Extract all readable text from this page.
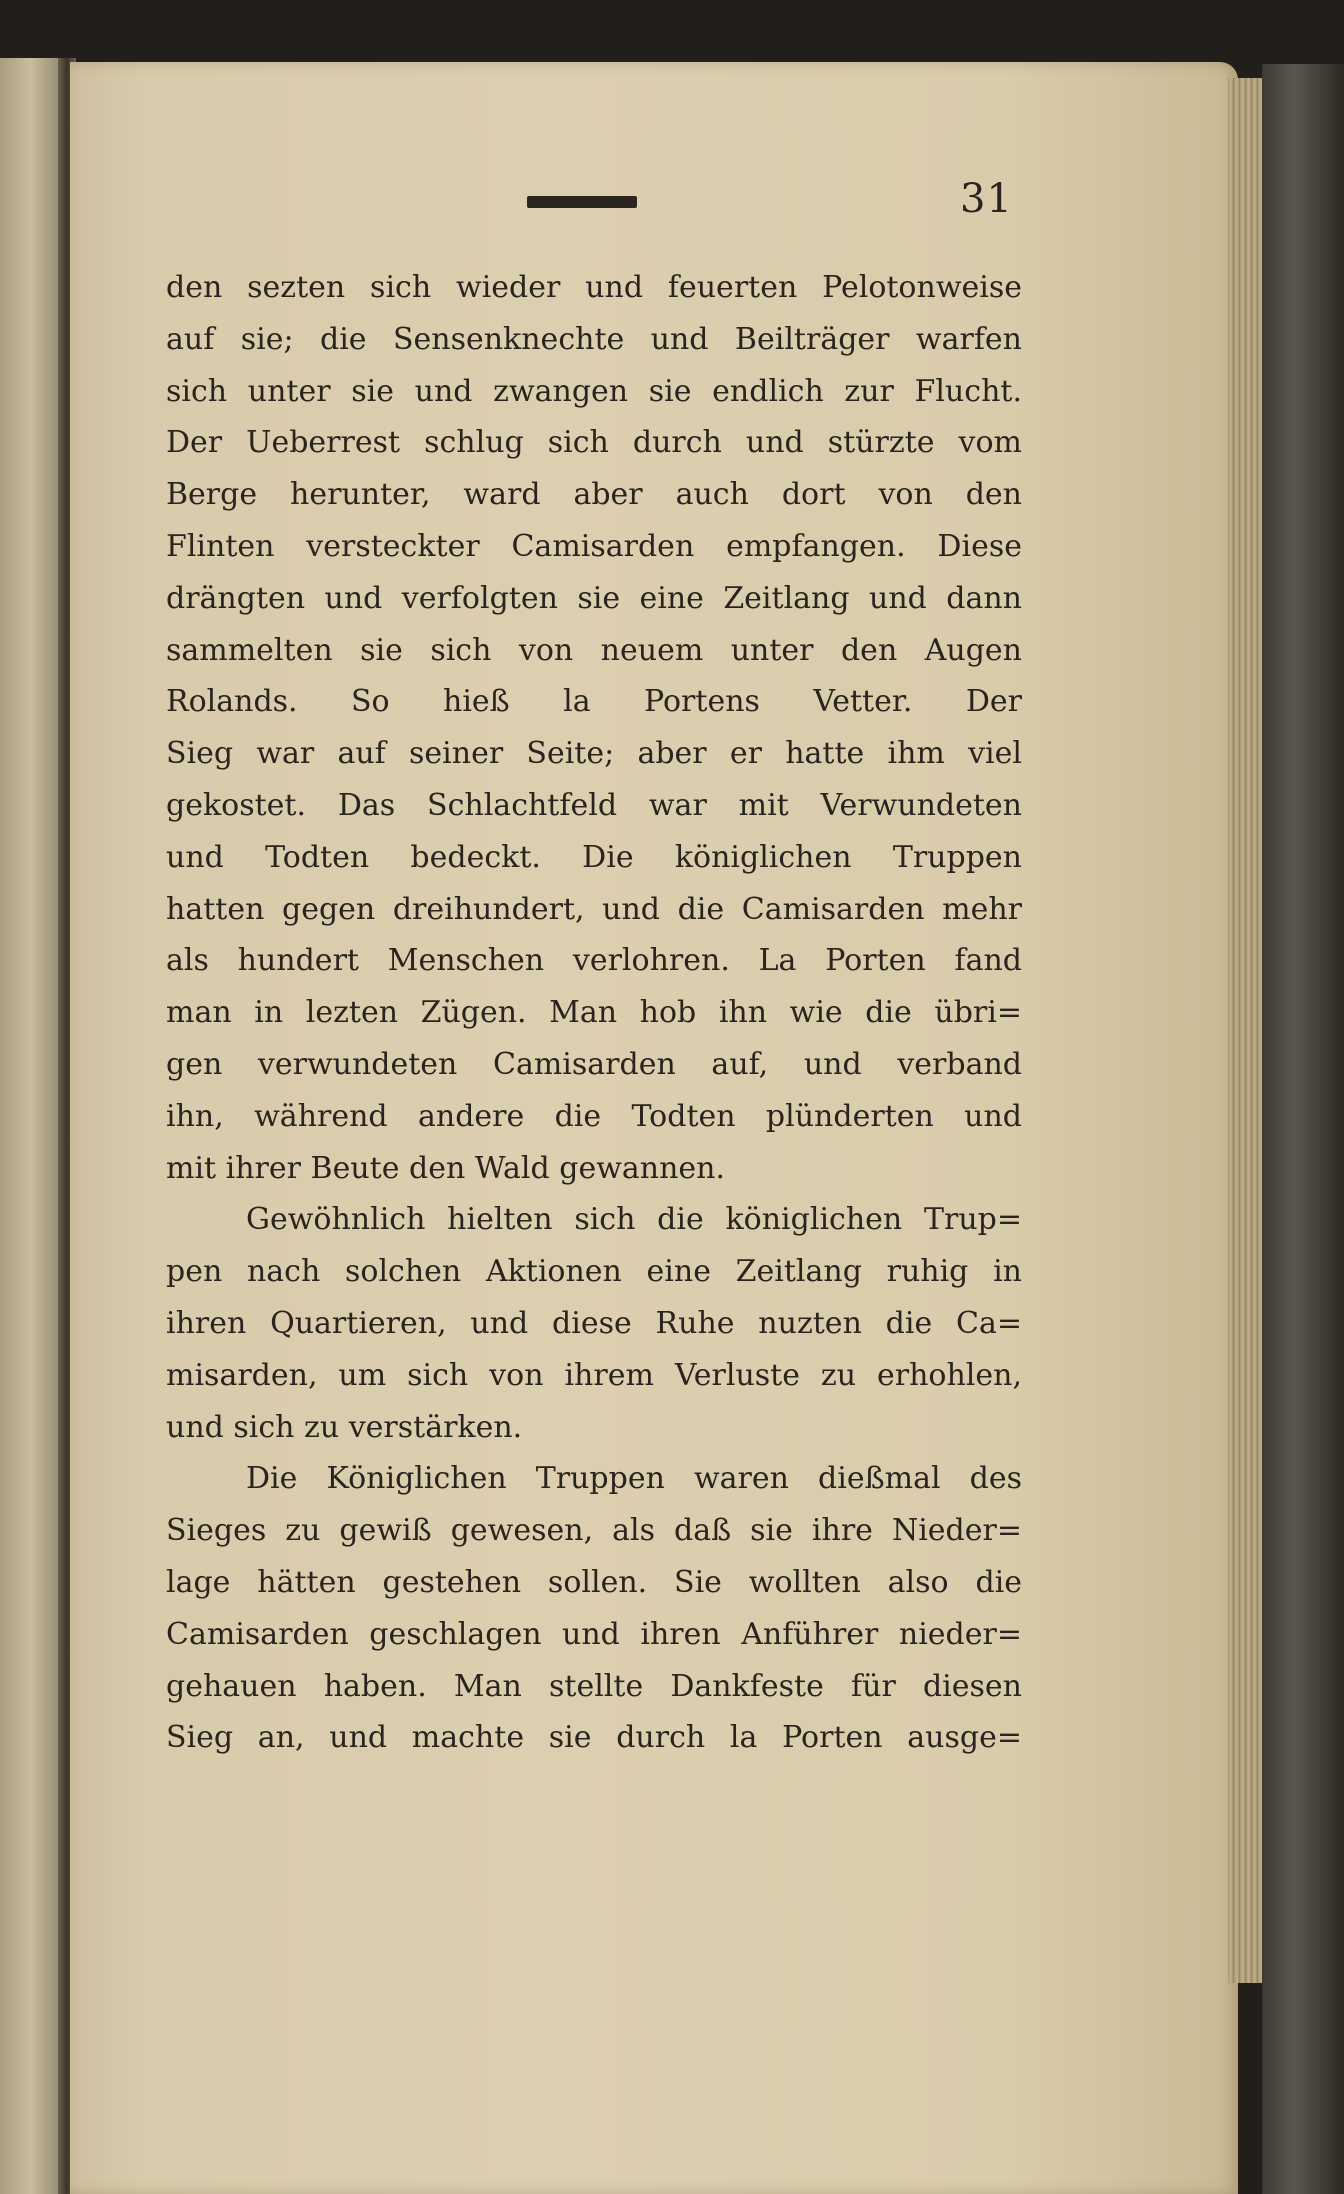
31
den sezten sich wieder und feuerten Pelotonweise
auf sie; die Sensenknechte und Beilträger warfen
sich unter sie und zwangen sie endlich zur Flucht.
Der Ueberrest schlug sich durch und stürzte vom
Berge herunter, ward aber auch dort von den
Flinten versteckter Camisarden empfangen. Diese
drängten und verfolgten sie eine Zeitlang und dann
sammelten sie sich von neuem unter den Augen
Rolands. So hieß la Portens Vetter. Der
Sieg war auf seiner Seite; aber er hatte ihm viel
gekostet. Das Schlachtfeld war mit Verwundeten
und Todten bedeckt. Die königlichen Truppen
hatten gegen dreihundert, und die Camisarden mehr
als hundert Menschen verlohren. La Porten fand
man in lezten Zügen. Man hob ihn wie die übri=
gen verwundeten Camisarden auf, und verband
ihn, während andere die Todten plünderten und
mit ihrer Beute den Wald gewannen.
Gewöhnlich hielten sich die königlichen Trup=
pen nach solchen Aktionen eine Zeitlang ruhig in
ihren Quartieren, und diese Ruhe nuzten die Ca=
misarden, um sich von ihrem Verluste zu erhohlen,
und sich zu verstärken.
Die Königlichen Truppen waren dießmal des
Sieges zu gewiß gewesen, als daß sie ihre Nieder=
lage hätten gestehen sollen. Sie wollten also die
Camisarden geschlagen und ihren Anführer nieder=
gehauen haben. Man stellte Dankfeste für diesen
Sieg an, und machte sie durch la Porten ausge=
